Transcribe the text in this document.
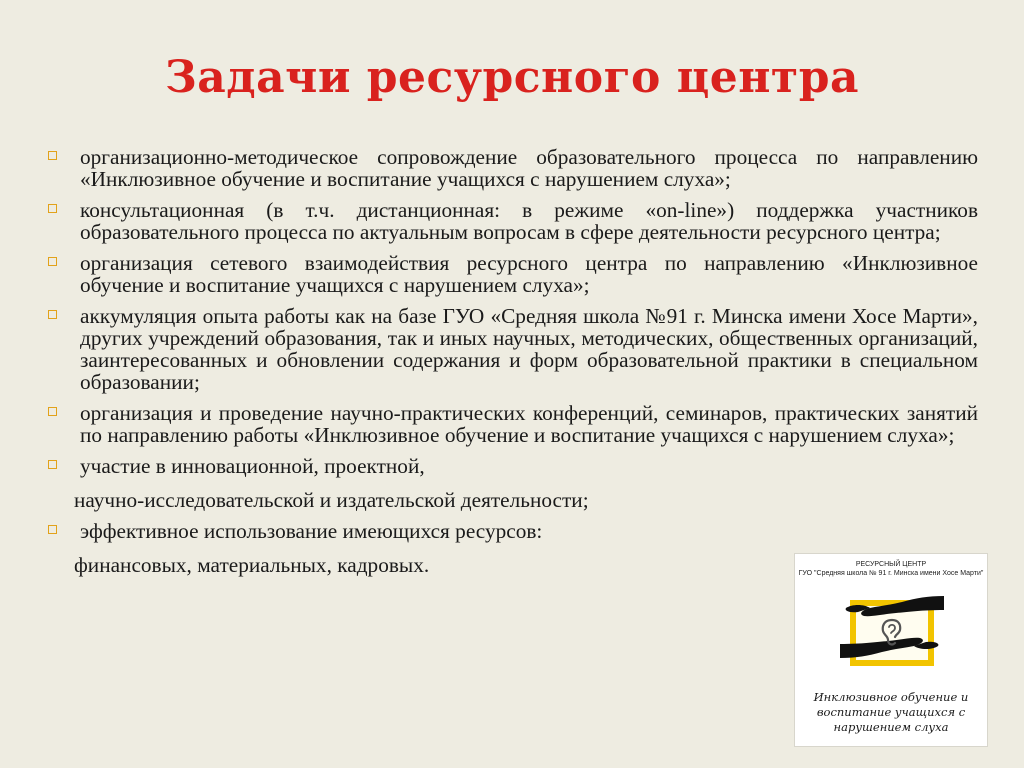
Задачи ресурсного центра
организационно-методическое сопровождение образовательного процесса по направлению «Инклюзивное обучение и воспитание учащихся с нарушением слуха»;
консультационная (в т.ч. дистанционная: в режиме «on-line») поддержка участников образовательного процесса по актуальным вопросам в сфере деятельности ресурсного центра;
организация сетевого взаимодействия ресурсного центра по направлению «Инклюзивное обучение и воспитание учащихся с нарушением слуха»;
аккумуляция опыта работы как на базе ГУО «Средняя школа №91 г. Минска имени Хосе Марти», других учреждений образования, так и иных научных, методических, общественных организаций, заинтересованных и обновлении содержания и форм образовательной практики в специальном образовании;
организация и проведение научно-практических конференций, семинаров, практических занятий по направлению работы «Инклюзивное обучение и воспитание учащихся с нарушением слуха»;
участие в инновационной, проектной,
научно-исследовательской и издательской деятельности;
эффективное использование имеющихся ресурсов:
финансовых, материальных, кадровых.	РЕСУРСНЫЙ ЦЕНТР
ГУО "Средняя школа № 91 г. Минска имени Хосе Марти"
Инклюзивное обучение и
воспитание учащихся с
нарушением слуха
